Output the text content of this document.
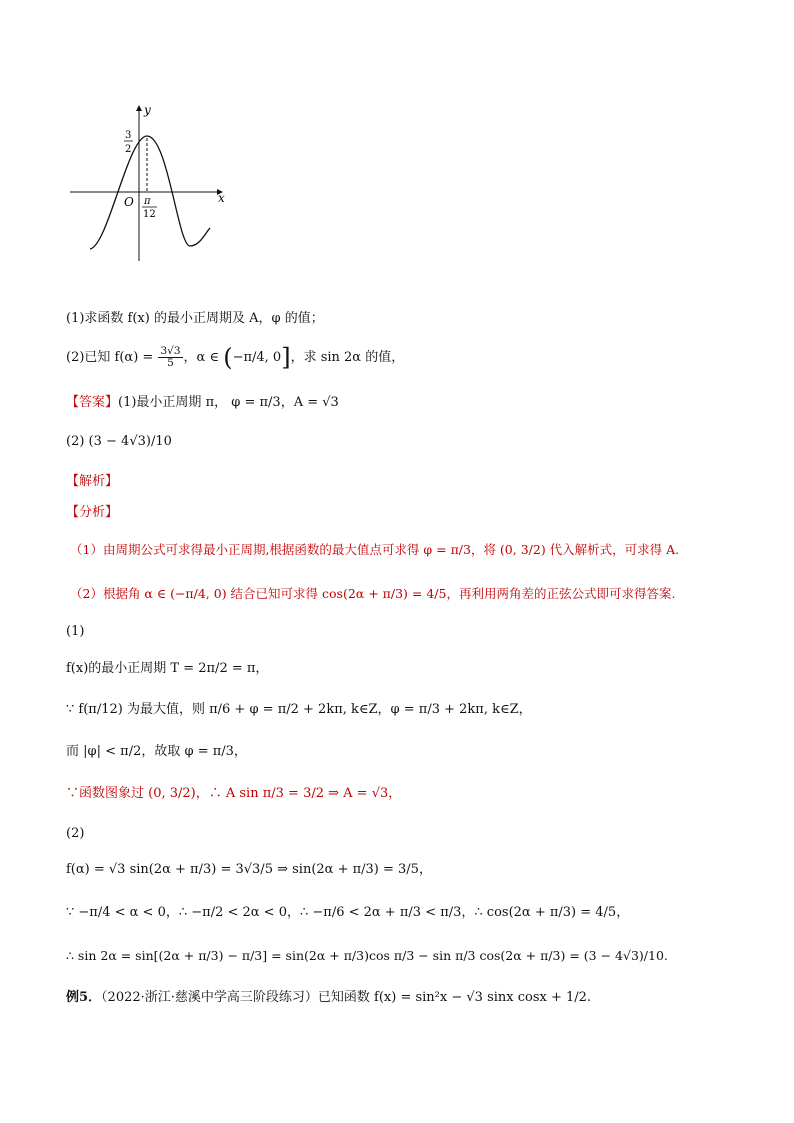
y
x
O
3
2
π
12
(1)求函数 f(x) 的最小正周期及 A，φ 的值；
(2)已知 $f(\alpha) = \frac{3√3}{5}$ ，α ∈ (−π/4, 0]，求 sin 2α 的值，
【答案】(1)最小正周期 π， φ = π/3，A = √3
(2) (3 − 4√3)/10
【解析】
【分析】
（1）由周期公式可求得最小正周期,根据函数的最大值点可求得 φ = π/3，将 (0, 3/2) 代入解析式，可求得 A.
（2）根据角 α ∈ (−π/4, 0) 结合已知可求得 cos(2α + π/3) = 4/5，再利用两角差的正弦公式即可求得答案.
(1)
f(x)的最小正周期 T = 2π/2 = π，
∵ f(π/12) 为最大值，则 π/6 + φ = π/2 + 2kπ, k∈Z，φ = π/3 + 2kπ, k∈Z，
而 |φ| < π/2，故取 φ = π/3，
∵函数图象过 (0, 3/2)，∴ A sin π/3 = 3/2 ⇒ A = √3，
(2)
f(α) = √3 sin(2α + π/3) = 3√3/5 ⇒ sin(2α + π/3) = 3/5，
∵ −π/4 < α < 0，∴ −π/2 < 2α < 0，∴ −π/6 < 2α + π/3 < π/3，∴ cos(2α + π/3) = 4/5，
∴ sin 2α = sin[(2α + π/3) − π/3] = sin(2α + π/3)cos π/3 − sin π/3 cos(2α + π/3) = (3 − 4√3)/10.
例5．（2022·浙江·慈溪中学高三阶段练习）已知函数 f(x) = sin²x − √3 sinx cosx + 1/2.
